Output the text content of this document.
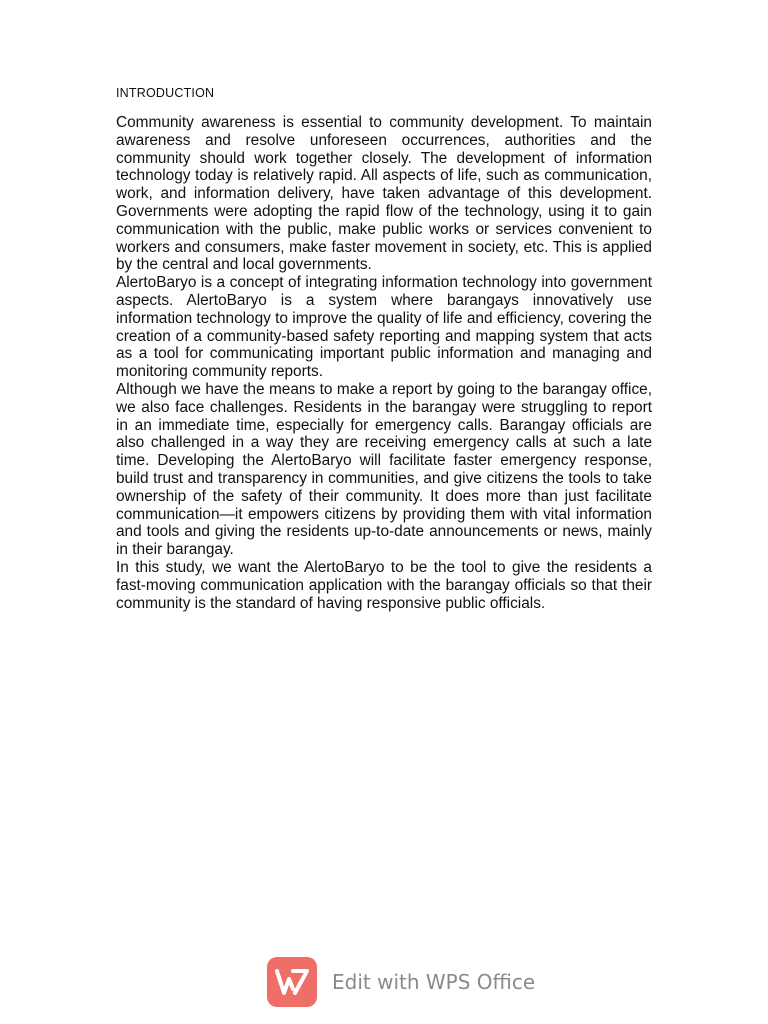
INTRODUCTION

Community awareness is essential to community development. To maintain awareness and resolve unforeseen occurrences, authorities and the community should work together closely. The development of information technology today is relatively rapid. All aspects of life, such as communication, work, and information delivery, have taken advantage of this development. Governments were adopting the rapid flow of the technology, using it to gain communication with the public, make public works or services convenient to workers and consumers, make faster movement in society, etc. This is applied by the central and local governments.

AlertoBaryo is a concept of integrating information technology into government aspects. AlertoBaryo is a system where barangays innovatively use information technology to improve the quality of life and efficiency, covering the creation of a community-based safety reporting and mapping system that acts as a tool for communicating important public information and managing and monitoring community reports.

Although we have the means to make a report by going to the barangay office, we also face challenges. Residents in the barangay were struggling to report in an immediate time, especially for emergency calls. Barangay officials are also challenged in a way they are receiving emergency calls at such a late time. Developing the AlertoBaryo will facilitate faster emergency response, build trust and transparency in communities, and give citizens the tools to take ownership of the safety of their community. It does more than just facilitate communication—it empowers citizens by providing them with vital information and tools and giving the residents up-to-date announcements or news, mainly in their barangay.

In this study, we want the AlertoBaryo to be the tool to give the residents a fast-moving communication application with the barangay officials so that their community is the standard of having responsive public officials.

Edit with WPS Office
